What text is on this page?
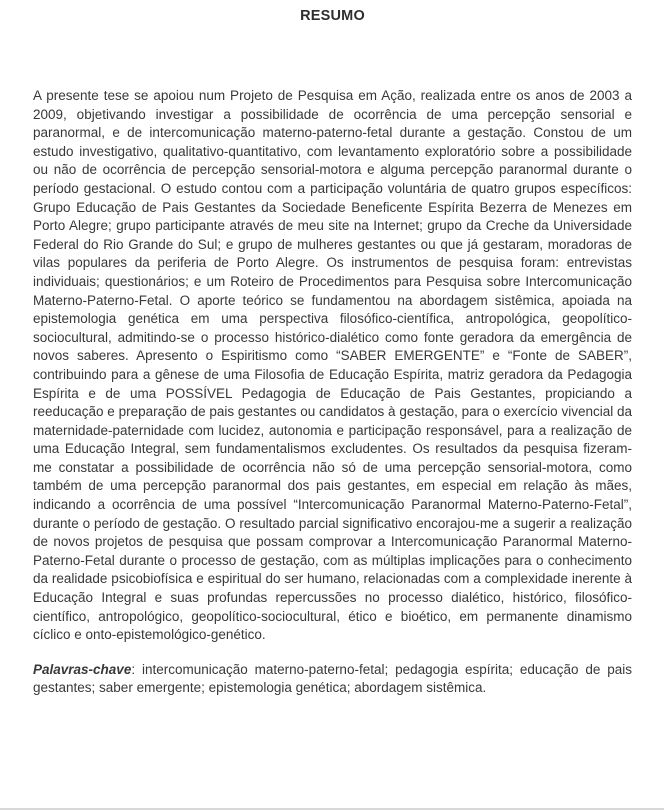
RESUMO

A presente tese se apoiou num Projeto de Pesquisa em Ação, realizada entre os anos de 2003 a 2009, objetivando investigar a possibilidade de ocorrência de uma percepção sensorial e paranormal, e de intercomunicação materno-paterno-fetal durante a gestação. Constou de um estudo investigativo, qualitativo-quantitativo, com levantamento exploratório sobre a possibilidade ou não de ocorrência de percepção sensorial-motora e alguma percepção paranormal durante o período gestacional. O estudo contou com a participação voluntária de quatro grupos específicos: Grupo Educação de Pais Gestantes da Sociedade Beneficente Espírita Bezerra de Menezes em Porto Alegre; grupo participante através de meu site na Internet; grupo da Creche da Universidade Federal do Rio Grande do Sul; e grupo de mulheres gestantes ou que já gestaram, moradoras de vilas populares da periferia de Porto Alegre. Os instrumentos de pesquisa foram: entrevistas individuais; questionários; e um Roteiro de Procedimentos para Pesquisa sobre Intercomunicação Materno-Paterno-Fetal. O aporte teórico se fundamentou na abordagem sistêmica, apoiada na epistemologia genética em uma perspectiva filosófico-científica, antropológica, geopolítico-sociocultural, admitindo-se o processo histórico-dialético como fonte geradora da emergência de novos saberes. Apresento o Espiritismo como “SABER EMERGENTE” e “Fonte de SABER”, contribuindo para a gênese de uma Filosofia de Educação Espírita, matriz geradora da Pedagogia Espírita e de uma POSSÍVEL Pedagogia de Educação de Pais Gestantes, propiciando a reeducação e preparação de pais gestantes ou candidatos à gestação, para o exercício vivencial da maternidade-paternidade com lucidez, autonomia e participação responsável, para a realização de uma Educação Integral, sem fundamentalismos excludentes. Os resultados da pesquisa fizeram-me constatar a possibilidade de ocorrência não só de uma percepção sensorial-motora, como também de uma percepção paranormal dos pais gestantes, em especial em relação às mães, indicando a ocorrência de uma possível “Intercomunicação Paranormal Materno-Paterno-Fetal”, durante o período de gestação. O resultado parcial significativo encorajou-me a sugerir a realização de novos projetos de pesquisa que possam comprovar a Intercomunicação Paranormal Materno-Paterno-Fetal durante o processo de gestação, com as múltiplas implicações para o conhecimento da realidade psicobiofísica e espiritual do ser humano, relacionadas com a complexidade inerente à Educação Integral e suas profundas repercussões no processo dialético, histórico, filosófico-científico, antropológico, geopolítico-sociocultural, ético e bioético, em permanente dinamismo cíclico e onto-epistemológico-genético.

Palavras-chave: intercomunicação materno-paterno-fetal; pedagogia espírita; educação de pais gestantes; saber emergente; epistemologia genética; abordagem sistêmica.
